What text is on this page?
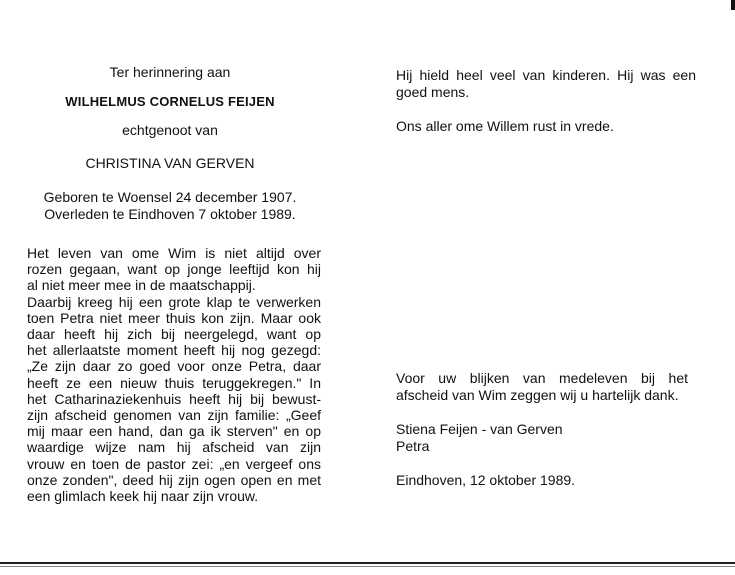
Ter herinnering aan
WILHELMUS CORNELUS FEIJEN
echtgenoot van
CHRISTINA VAN GERVEN
Geboren te Woensel 24 december 1907.
Overleden te Eindhoven 7 oktober 1989.
Het leven van ome Wim is niet altijd over
rozen gegaan, want op jonge leeftijd kon hij
al niet meer mee in de maatschappij.
Daarbij kreeg hij een grote klap te verwerken
toen Petra niet meer thuis kon zijn. Maar ook
daar heeft hij zich bij neergelegd, want op
het allerlaatste moment heeft hij nog gezegd:
„Ze zijn daar zo goed voor onze Petra, daar
heeft ze een nieuw thuis teruggekregen." In
het Catharinaziekenhuis heeft hij bij bewust-
zijn afscheid genomen van zijn familie: „Geef
mij maar een hand, dan ga ik sterven" en op
waardige wijze nam hij afscheid van zijn
vrouw en toen de pastor zei: „en vergeef ons
onze zonden", deed hij zijn ogen open en met
een glimlach keek hij naar zijn vrouw.
Hij hield heel veel van kinderen. Hij was een
goed mens.
Ons aller ome Willem rust in vrede.
Voor uw blijken van medeleven bij het
afscheid van Wim zeggen wij u hartelijk dank.
Stiena Feijen - van Gerven
Petra
Eindhoven, 12 oktober 1989.
